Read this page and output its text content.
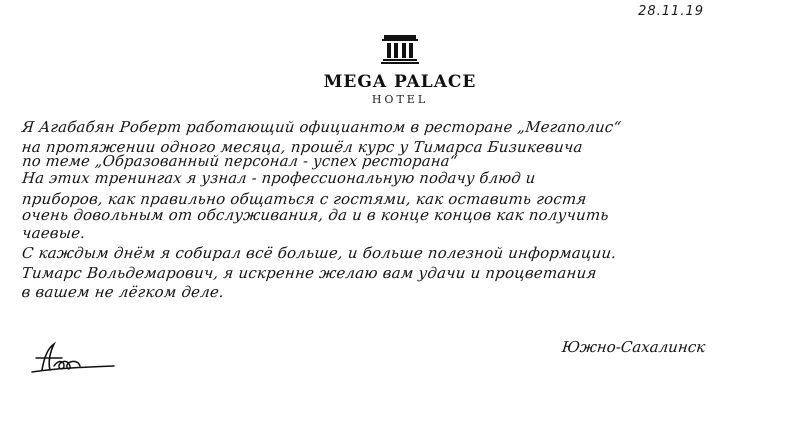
28.11.19
MEGA PALACE
HOTEL
Я Агабабян Роберт работающий официантом в ресторане „Мегаполис“
на протяжении одного месяца, прошёл курс у Тимарса Бизикевича
по теме „Образованный персонал - успех ресторана“
На этих тренингах я узнал - профессиональную подачу блюд и
приборов, как правильно общаться с гостями, как оставить гостя
очень довольным от обслуживания, да и в конце концов как получить
чаевые.
С каждым днём я собирал всё больше, и больше полезной информации.
Тимарс Вольдемарович, я искренне желаю вам удачи и процветания
в вашем не лёгком деле.
Южно-Сахалинск
